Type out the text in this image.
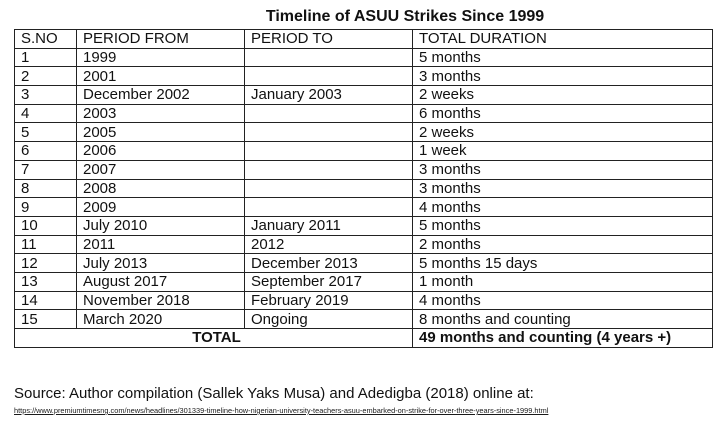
Timeline of ASUU Strikes Since 1999
S.NO	PERIOD FROM	PERIOD TO	TOTAL DURATION
1	1999		5 months
2	2001		3 months
3	December 2002	January 2003	2 weeks
4	2003		6 months
5	2005		2 weeks
6	2006		1 week
7	2007		3 months
8	2008		3 months
9	2009		4 months
10	July 2010	January 2011	5 months
11	2011	2012	2 months
12	July 2013	December 2013	5 months 15 days
13	August 2017	September 2017	1 month
14	November 2018	February 2019	4 months
15	March 2020	Ongoing	8 months and counting
TOTAL			49 months and counting (4 years +)
Source: Author compilation (Sallek Yaks Musa) and Adedigba (2018) online at:
https://www.premiumtimesng.com/news/headlines/301339-timeline-how-nigerian-university-teachers-asuu-embarked-on-strike-for-over-three-years-since-1999.html
